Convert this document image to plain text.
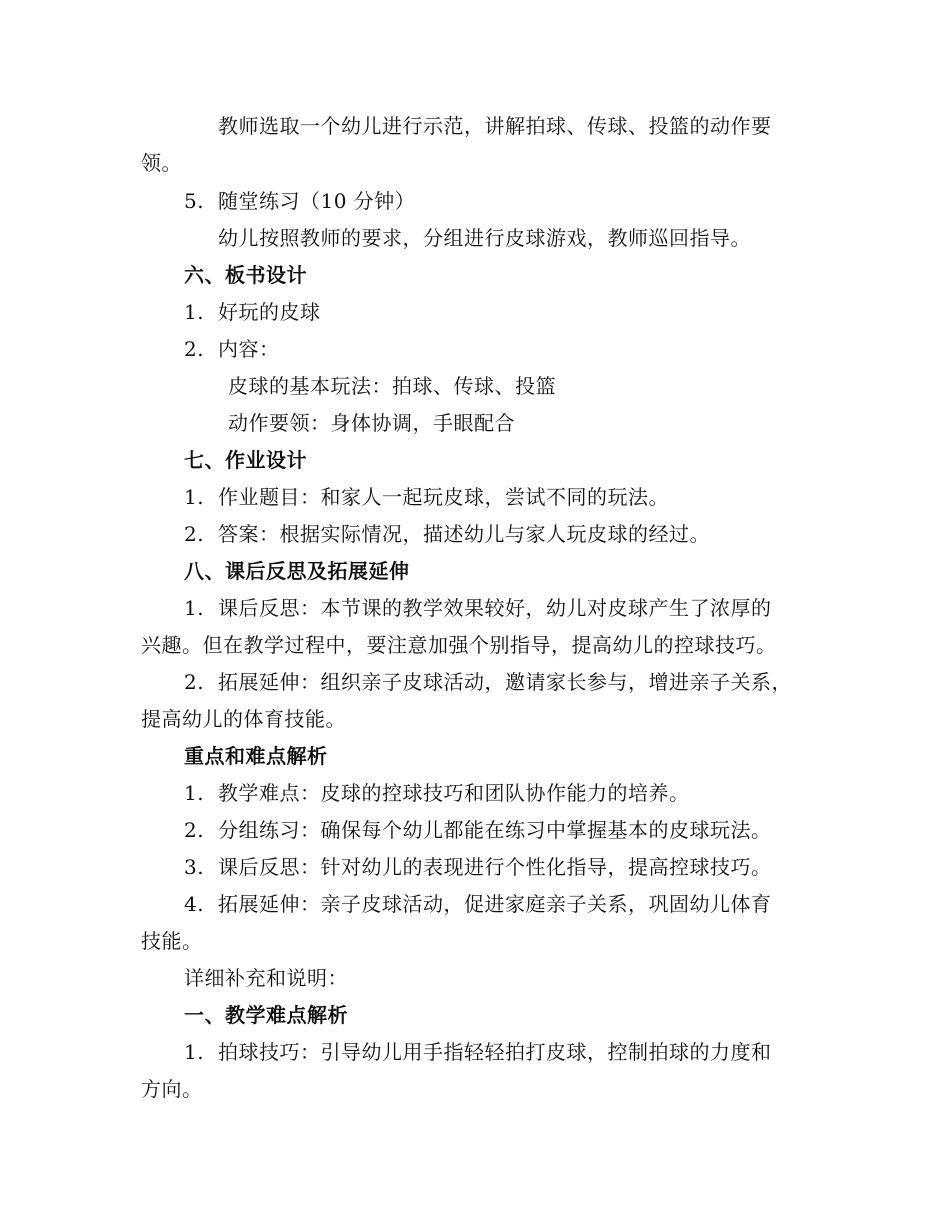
教师选取一个幼儿进行示范，讲解拍球、传球、投篮的动作要
领。
5. 随堂练习（10 分钟）
幼儿按照教师的要求，分组进行皮球游戏，教师巡回指导。
六、板书设计
1. 好玩的皮球
2. 内容：
皮球的基本玩法：拍球、传球、投篮
动作要领：身体协调，手眼配合
七、作业设计
1. 作业题目：和家人一起玩皮球，尝试不同的玩法。
2. 答案：根据实际情况，描述幼儿与家人玩皮球的经过。
八、课后反思及拓展延伸
1. 课后反思：本节课的教学效果较好，幼儿对皮球产生了浓厚的
兴趣。但在教学过程中，要注意加强个别指导，提高幼儿的控球技巧。
2. 拓展延伸：组织亲子皮球活动，邀请家长参与，增进亲子关系，
提高幼儿的体育技能。
重点和难点解析
1. 教学难点：皮球的控球技巧和团队协作能力的培养。
2. 分组练习：确保每个幼儿都能在练习中掌握基本的皮球玩法。
3. 课后反思：针对幼儿的表现进行个性化指导，提高控球技巧。
4. 拓展延伸：亲子皮球活动，促进家庭亲子关系，巩固幼儿体育
技能。
详细补充和说明：
一、教学难点解析
1. 拍球技巧：引导幼儿用手指轻轻拍打皮球，控制拍球的力度和
方向。
